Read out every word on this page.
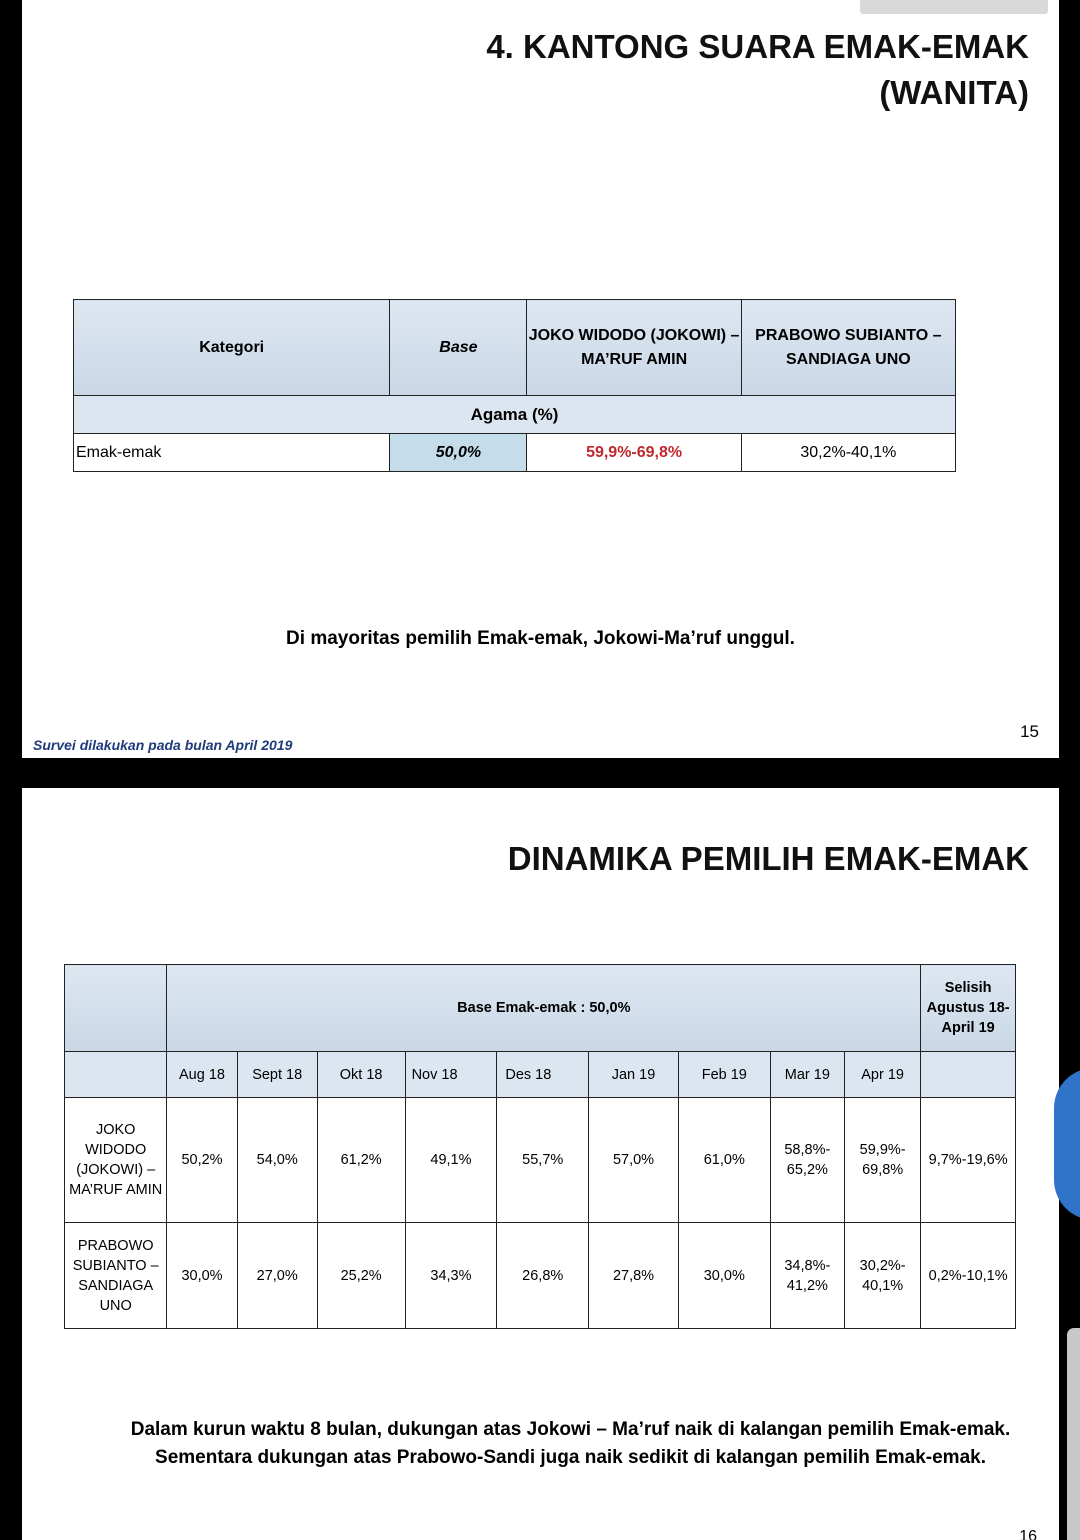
4. KANTONG SUARA EMAK-EMAK
(WANITA)
Kategori	Base	JOKO WIDODO (JOKOWI) – MA’RUF AMIN	PRABOWO SUBIANTO – SANDIAGA UNO
Agama (%)			
Emak-emak	50,0%	59,9%-69,8%	30,2%-40,1%
Di mayoritas pemilih Emak-emak, Jokowi-Ma’ruf unggul.
Survei dilakukan pada bulan April 2019
15
DINAMIKA PEMILIH EMAK-EMAK
	Base Emak-emak : 50,0%									Selisih Agustus 18- April 19
	Aug 18	Sept 18	Okt 18	Nov 18	Des 18	Jan 19	Feb 19	Mar 19	Apr 19	
JOKO WIDODO (JOKOWI) – MA’RUF AMIN	50,2%	54,0%	61,2%	49,1%	55,7%	57,0%	61,0%	58,8%- 65,2%	59,9%- 69,8%	9,7%-19,6%
PRABOWO SUBIANTO – SANDIAGA UNO	30,0%	27,0%	25,2%	34,3%	26,8%	27,8%	30,0%	34,8%- 41,2%	30,2%- 40,1%	0,2%-10,1%

Dalam kurun waktu 8 bulan, dukungan atas Jokowi – Ma’ruf naik di kalangan pemilih Emak-emak.

Sementara dukungan atas Prabowo-Sandi juga naik sedikit di kalangan pemilih Emak-emak.

16
